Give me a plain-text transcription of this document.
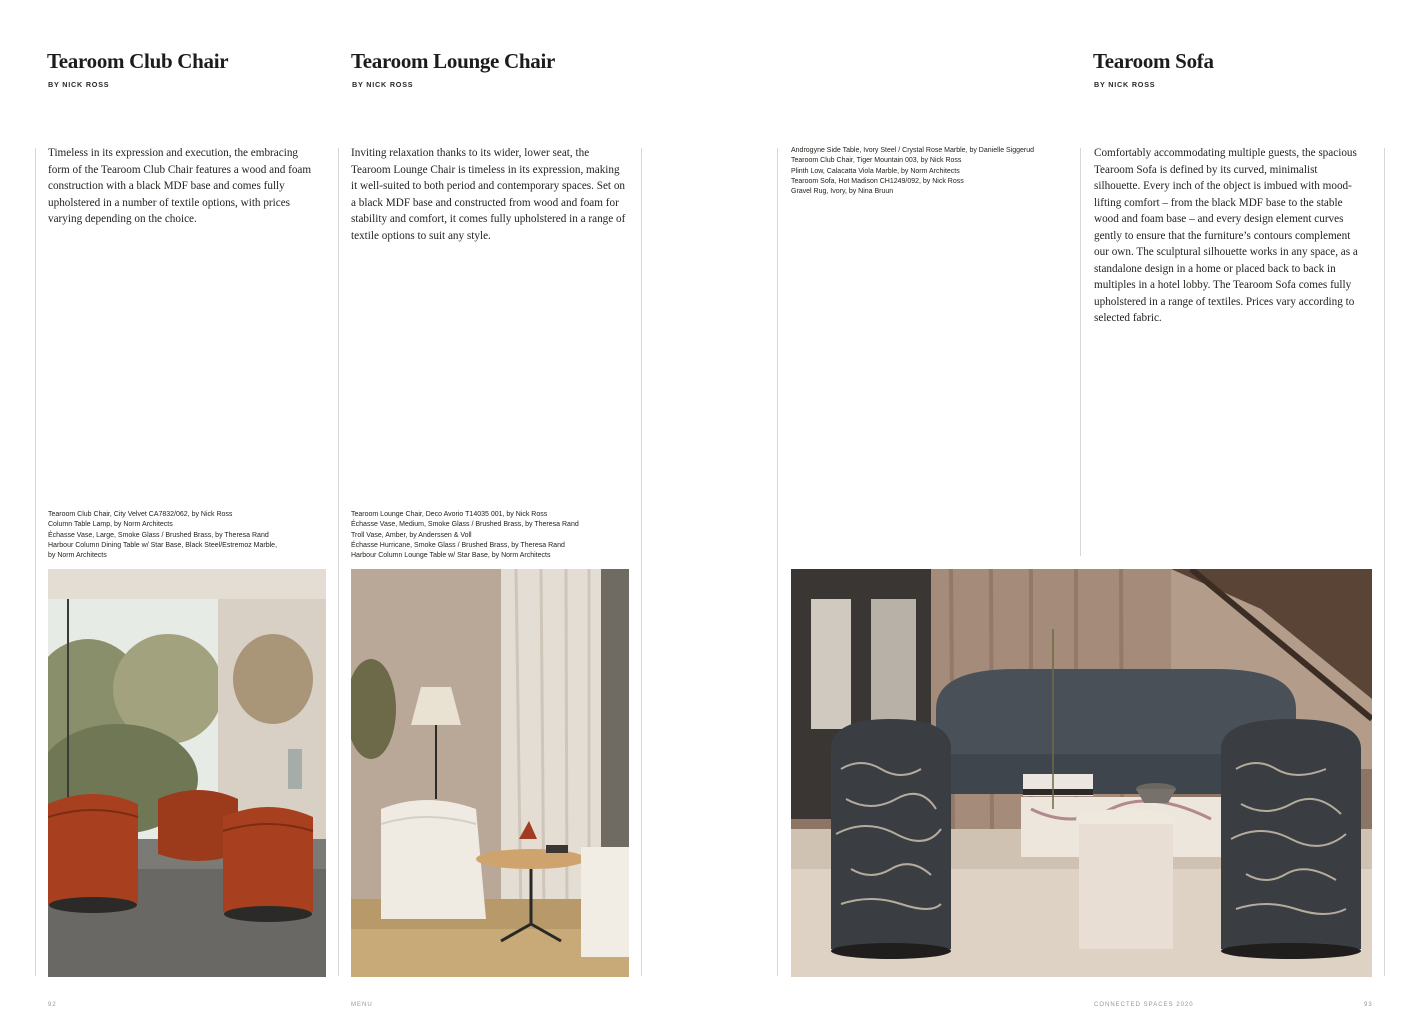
Tearoom Club Chair
BY NICK ROSS

Timeless in its expression and execution, the embracing form of the Tearoom Club Chair features a wood and foam construction with a black MDF base and comes fully upholstered in a number of textile options, with prices varying depending on the choice.

Tearoom Club Chair, City Velvet CA7832/062, by Nick Ross
Column Table Lamp, by Norm Architects
Échasse Vase, Large, Smoke Glass / Brushed Brass, by Theresa Rand
Harbour Column Dining Table w/ Star Base, Black Steel/Estremoz Marble,
by Norm Architects
Tearoom Lounge Chair
BY NICK ROSS

Inviting relaxation thanks to its wider, lower seat, the Tearoom Lounge Chair is timeless in its expression, making it well-suited to both period and contemporary spaces. Set on a black MDF base and constructed from wood and foam for stability and comfort, it comes fully upholstered in a range of textile options to suit any style.

Tearoom Lounge Chair, Deco Avorio T14035 001, by Nick Ross
Échasse Vase, Medium, Smoke Glass / Brushed Brass, by Theresa Rand
Troll Vase, Amber, by Anderssen & Voll
Échasse Hurricane, Smoke Glass / Brushed Brass, by Theresa Rand
Harbour Column Lounge Table w/ Star Base, by Norm Architects
Androgyne Side Table, Ivory Steel / Crystal Rose Marble, by Danielle Siggerud
Tearoom Club Chair, Tiger Mountain 003, by Nick Ross
Plinth Low, Calacatta Viola Marble, by Norm Architects
Tearoom Sofa, Hot Madison CH1249/092, by Nick Ross
Gravel Rug, Ivory, by Nina Bruun
Tearoom Sofa
BY NICK ROSS

Comfortably accommodating multiple guests, the spacious Tearoom Sofa is defined by its curved, minimalist silhouette. Every inch of the object is imbued with mood-lifting comfort – from the black MDF base to the stable wood and foam base – and every design element curves gently to ensure that the furniture’s contours complement our own. The sculptural silhouette works in any space, as a standalone design in a home or placed back to back in multiples in a hotel lobby. The Tearoom Sofa comes fully upholstered in a range of textiles. Prices vary according to selected fabric.

92	MENU	CONNECTED SPACES 2020	93
